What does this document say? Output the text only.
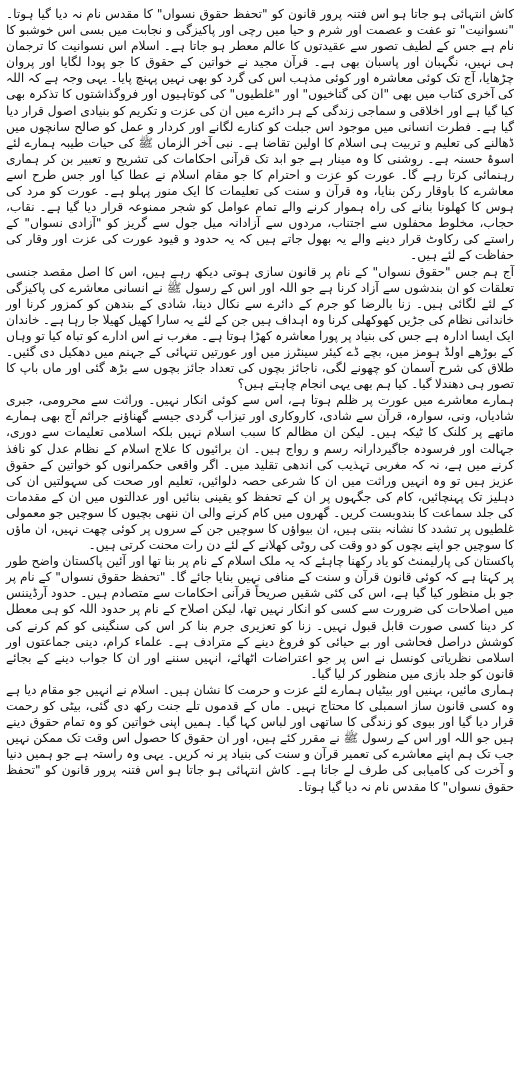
کاش انتہائی ہو جاتا ہو اس فتنہ پرور قانون کو "تحفظ حقوق نسواں" کا مقدس نام نہ دیا گیا ہوتا۔ "نسوانیت" تو عفت و عصمت اور شرم و حیا میں رچی اور پاکیزگی و نجابت میں بسی اس خوشبو کا نام ہے جس کے لطیف تصور سے عقیدتوں کا عالم معطر ہو جاتا ہے۔ اسلام اس نسوانیت کا ترجمان ہی نہیں، نگہبان اور پاسبان بھی ہے۔ قرآن مجید نے خواتین کے حقوق کا جو پودا لگایا اور پروان چڑھایا، آج تک کوئی معاشرہ اور کوئی مذہب اس کی گرد کو بھی نہیں پہنچ پایا۔ یہی وجہ ہے کہ اللہ کی آخری کتاب میں بھی "ان کی گتاخیوں" اور "غلطیوں" کی کوتاہیوں اور فروگذاشتوں کا تذکرہ بھی کیا گیا ہے اور اخلاقی و سماجی زندگی کے ہر دائرے میں ان کی عزت و تکریم کو بنیادی اصول قرار دیا گیا ہے۔ فطرت انسانی میں موجود اس جبلت کو کنارے لگانے اور کردار و عمل کو صالح سانچوں میں ڈھالنے کی تعلیم و تربیت ہی اسلام کا اولین تقاضا ہے۔ نبی آخر الزماں ﷺ کی حیات طیبہ ہمارے لئے اسوۂ حسنہ ہے۔ روشنی کا وہ مینار ہے جو ابد تک قرآنی احکامات کی تشریح و تعبیر بن کر ہماری رہنمائی کرتا رہے گا۔ عورت کو عزت و احترام کا جو مقام اسلام نے عطا کیا اور جس طرح اسے معاشرے کا باوقار رکن بنایا، وہ قرآن و سنت کی تعلیمات کا ایک منور پہلو ہے۔ عورت کو مرد کی ہوس کا کھلونا بنانے کی راہ ہموار کرنے والے تمام عوامل کو شجر ممنوعہ قرار دیا گیا ہے۔ نقاب، حجاب، مخلوط محفلوں سے اجتناب، مردوں سے آزادانہ میل جول سے گریز کو "آزادی نسواں" کے راستے کی رکاوٹ قرار دینے والے یہ بھول جاتے ہیں کہ یہ حدود و قیود عورت کی عزت اور وقار کی حفاظت کے لئے ہیں۔

آج ہم جس "حقوق نسواں" کے نام پر قانون سازی ہوتی دیکھ رہے ہیں، اس کا اصل مقصد جنسی تعلقات کو ان بندشوں سے آزاد کرنا ہے جو اللہ اور اس کے رسول ﷺ نے انسانی معاشرے کی پاکیزگی کے لئے لگائی ہیں۔ زنا بالرضا کو جرم کے دائرے سے نکال دینا، شادی کے بندھن کو کمزور کرنا اور خاندانی نظام کی جڑیں کھوکھلی کرنا وہ اہداف ہیں جن کے لئے یہ سارا کھیل کھیلا جا رہا ہے۔ خاندان ایک ایسا ادارہ ہے جس کی بنیاد پر پورا معاشرہ کھڑا ہوتا ہے۔ مغرب نے اس ادارے کو تباہ کیا تو وہاں کے بوڑھے اولڈ ہومز میں، بچے ڈے کیئر سینٹرز میں اور عورتیں تنہائی کے جہنم میں دھکیل دی گئیں۔ طلاق کی شرح آسمان کو چھونے لگی، ناجائز بچوں کی تعداد جائز بچوں سے بڑھ گئی اور ماں باپ کا تصور ہی دھندلا گیا۔ کیا ہم بھی یہی انجام چاہتے ہیں؟

ہمارے معاشرے میں عورت پر ظلم ہوتا ہے، اس سے کوئی انکار نہیں۔ وراثت سے محرومی، جبری شادیاں، ونی، سوارہ، قرآن سے شادی، کاروکاری اور تیزاب گردی جیسے گھناؤنے جرائم آج بھی ہمارے ماتھے پر کلنک کا ٹیکہ ہیں۔ لیکن ان مظالم کا سبب اسلام نہیں بلکہ اسلامی تعلیمات سے دوری، جہالت اور فرسودہ جاگیردارانہ رسم و رواج ہیں۔ ان برائیوں کا علاج اسلام کے نظام عدل کو نافذ کرنے میں ہے، نہ کہ مغربی تہذیب کی اندھی تقلید میں۔ اگر واقعی حکمرانوں کو خواتین کے حقوق عزیز ہیں تو وہ انہیں وراثت میں ان کا شرعی حصہ دلوائیں، تعلیم اور صحت کی سہولتیں ان کی دہلیز تک پہنچائیں، کام کی جگہوں پر ان کے تحفظ کو یقینی بنائیں اور عدالتوں میں ان کے مقدمات کی جلد سماعت کا بندوبست کریں۔ گھروں میں کام کرنے والی ان ننھی بچیوں کا سوچیں جو معمولی غلطیوں پر تشدد کا نشانہ بنتی ہیں، ان بیواؤں کا سوچیں جن کے سروں پر کوئی چھت نہیں، ان ماؤں کا سوچیں جو اپنے بچوں کو دو وقت کی روٹی کھلانے کے لئے دن رات محنت کرتی ہیں۔

پاکستان کی پارلیمنٹ کو یاد رکھنا چاہئے کہ یہ ملک اسلام کے نام پر بنا تھا اور آئین پاکستان واضح طور پر کہتا ہے کہ کوئی قانون قرآن و سنت کے منافی نہیں بنایا جائے گا۔ "تحفظ حقوق نسواں" کے نام پر جو بل منظور کیا گیا ہے، اس کی کئی شقیں صریحاً قرآنی احکامات سے متصادم ہیں۔ حدود آرڈیننس میں اصلاحات کی ضرورت سے کسی کو انکار نہیں تھا، لیکن اصلاح کے نام پر حدود اللہ کو ہی معطل کر دینا کسی صورت قابل قبول نہیں۔ زنا کو تعزیری جرم بنا کر اس کی سنگینی کو کم کرنے کی کوشش دراصل فحاشی اور بے حیائی کو فروغ دینے کے مترادف ہے۔ علماء کرام، دینی جماعتوں اور اسلامی نظریاتی کونسل نے اس پر جو اعتراضات اٹھائے، انہیں سننے اور ان کا جواب دینے کے بجائے قانون کو جلد بازی میں منظور کر لیا گیا۔

ہماری مائیں، بہنیں اور بیٹیاں ہمارے لئے عزت و حرمت کا نشان ہیں۔ اسلام نے انہیں جو مقام دیا ہے وہ کسی قانون ساز اسمبلی کا محتاج نہیں۔ ماں کے قدموں تلے جنت رکھ دی گئی، بیٹی کو رحمت قرار دیا گیا اور بیوی کو زندگی کا ساتھی اور لباس کہا گیا۔ ہمیں اپنی خواتین کو وہ تمام حقوق دینے ہیں جو اللہ اور اس کے رسول ﷺ نے مقرر کئے ہیں، اور ان حقوق کا حصول اس وقت تک ممکن نہیں جب تک ہم اپنے معاشرے کی تعمیر قرآن و سنت کی بنیاد پر نہ کریں۔ یہی وہ راستہ ہے جو ہمیں دنیا و آخرت کی کامیابی کی طرف لے جاتا ہے۔ کاش انتہائی ہو جاتا ہو اس فتنہ پرور قانون کو "تحفظ حقوق نسواں" کا مقدس نام نہ دیا گیا ہوتا۔
